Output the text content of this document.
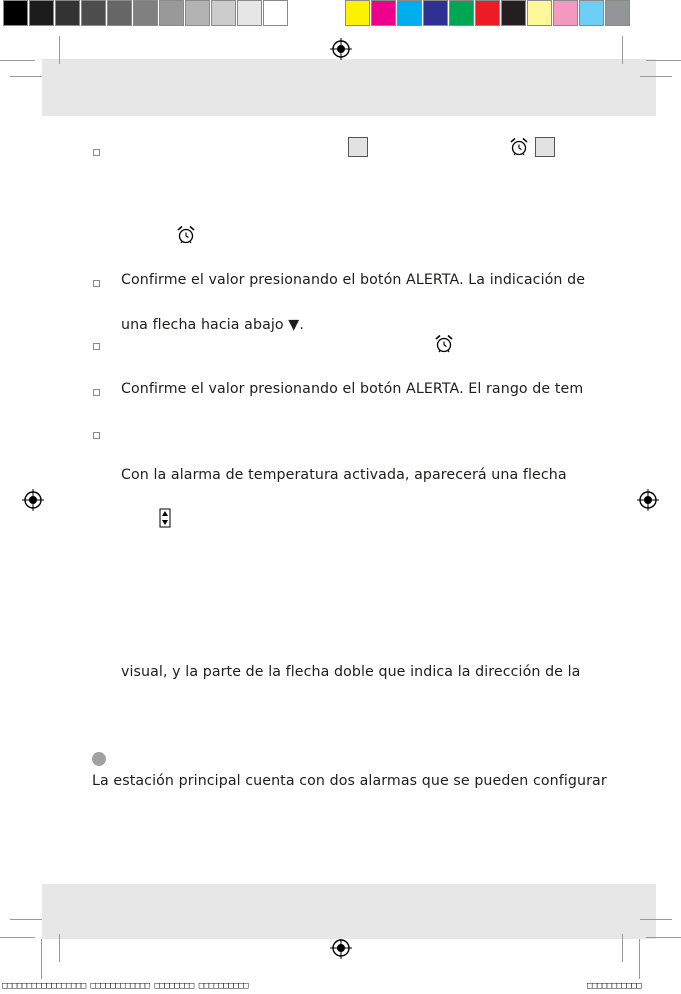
Confirme el valor presionando el botón ALERTA. La indicación de
una flecha hacia abajo ▼.
Confirme el valor presionando el botón ALERTA. El rango de tem
Con la alarma de temperatura activada, aparecerá una flecha
visual, y la parte de la flecha doble que indica la dirección de la
La estación principal cuenta con dos alarmas que se pueden configurar
□□□□□□□□□□□□□□□□□ □□□□□□□□□□□□ □□□□□□□□ □□□□□□□□□□	□□□□□□□□□□□
